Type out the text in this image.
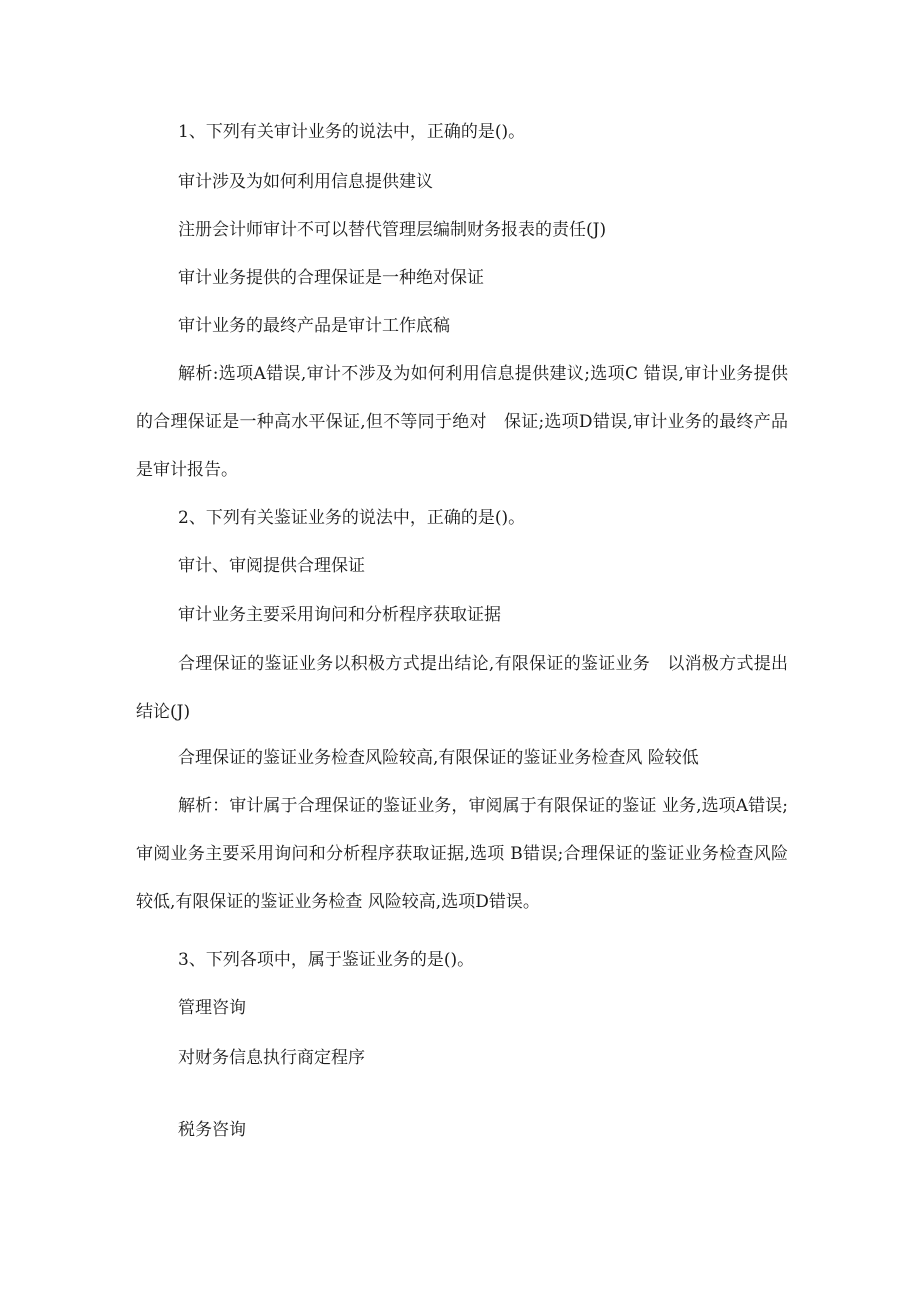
1、下列有关审计业务的说法中，正确的是()。

审计涉及为如何利用信息提供建议

注册会计师审计不可以替代管理层编制财务报表的责任(J)

审计业务提供的合理保证是一种绝对保证

审计业务的最终产品是审计工作底稿

解析:选项A错误,审计不涉及为如何利用信息提供建议;选项C 错误,审计业务提供的合理保证是一种高水平保证,但不等同于绝对　保证;选项D错误,审计业务的最终产品是审计报告。

2、下列有关鉴证业务的说法中，正确的是()。

审计、审阅提供合理保证

审计业务主要采用询问和分析程序获取证据

合理保证的鉴证业务以积极方式提出结论,有限保证的鉴证业务　以消极方式提出结论(J)

合理保证的鉴证业务检查风险较高,有限保证的鉴证业务检查风 险较低

解析：审计属于合理保证的鉴证业务，审阅属于有限保证的鉴证 业务,选项A错误;审阅业务主要采用询问和分析程序获取证据,选项 B错误;合理保证的鉴证业务检查风险较低,有限保证的鉴证业务检查 风险较高,选项D错误。

3、下列各项中，属于鉴证业务的是()。

管理咨询

对财务信息执行商定程序

税务咨询
